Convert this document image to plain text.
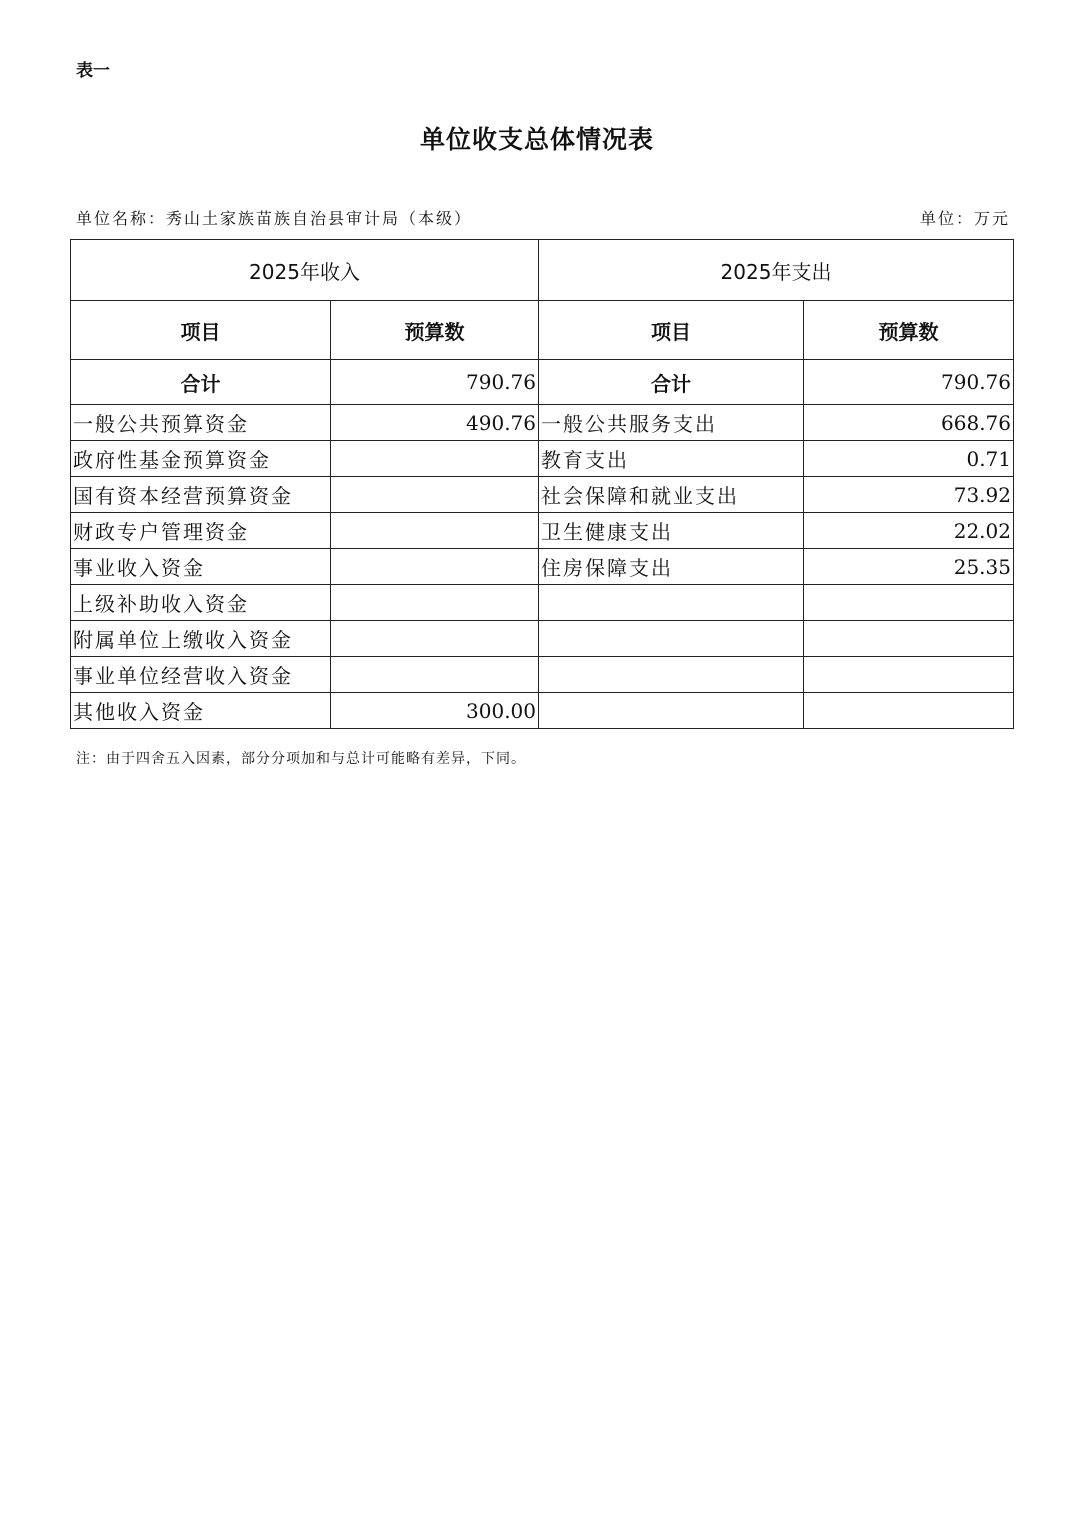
表一
单位收支总体情况表
单位名称：秀山土家族苗族自治县审计局（本级）	单位：万元
2025年收入		2025年支出	
项目	预算数	项目	预算数
合计	790.76	合计	790.76
一般公共预算资金	490.76	一般公共服务支出	668.76
政府性基金预算资金		教育支出	0.71
国有资本经营预算资金		社会保障和就业支出	73.92
财政专户管理资金		卫生健康支出	22.02
事业收入资金		住房保障支出	25.35
上级补助收入资金			
附属单位上缴收入资金			
事业单位经营收入资金			
其他收入资金	300.00		
注：由于四舍五入因素，部分分项加和与总计可能略有差异，下同。
